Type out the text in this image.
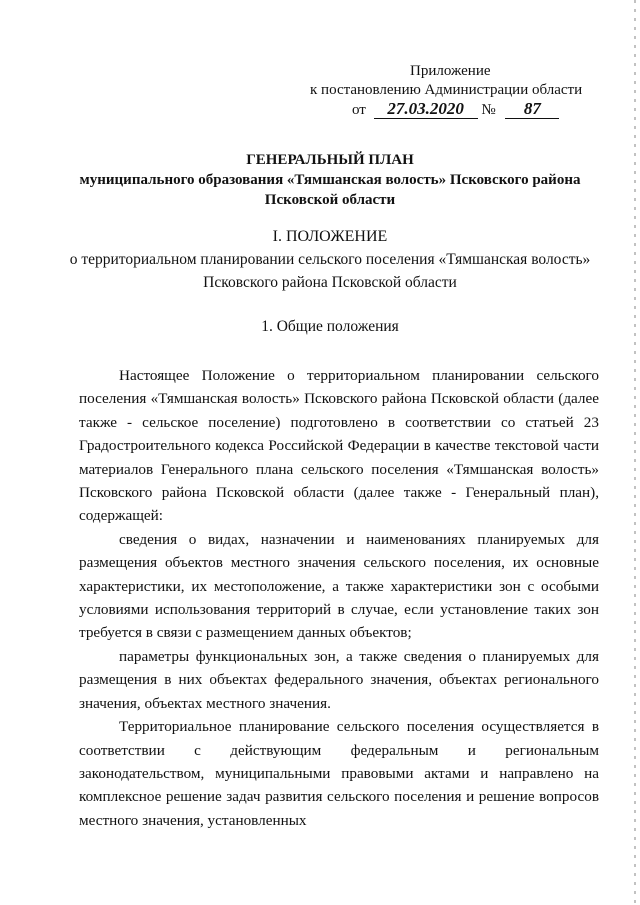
Приложение
к постановлению Администрации области
от 27.03.2020 № 87
ГЕНЕРАЛЬНЫЙ ПЛАН
муниципального образования «Тямшанская волость» Псковского района
Псковской области
I. ПОЛОЖЕНИЕ
о территориальном планировании сельского поселения «Тямшанская волость» Псковского района Псковской области
1. Общие положения

Настоящее Положение о территориальном планировании сельского поселения «Тямшанская волость» Псковского района Псковской области (далее также - сельское поселение) подготовлено в соответствии со статьей 23 Градостроительного кодекса Российской Федерации в качестве текстовой части материалов Генерального плана сельского поселения «Тямшанская волость» Псковского района Псковской области (далее также - Генеральный план), содержащей:

сведения о видах, назначении и наименованиях планируемых для размещения объектов местного значения сельского поселения, их основные характеристики, их местоположение, а также характеристики зон с особыми условиями использования территорий в случае, если установление таких зон требуется в связи с размещением данных объектов;

параметры функциональных зон, а также сведения о планируемых для размещения в них объектах федерального значения, объектах регионального значения, объектах местного значения.

Территориальное планирование сельского поселения осуществляется в соответствии с действующим федеральным и региональным законодательством, муниципальными правовыми актами и направлено на комплексное решение задач развития сельского поселения и решение вопросов местного значения, установленных
